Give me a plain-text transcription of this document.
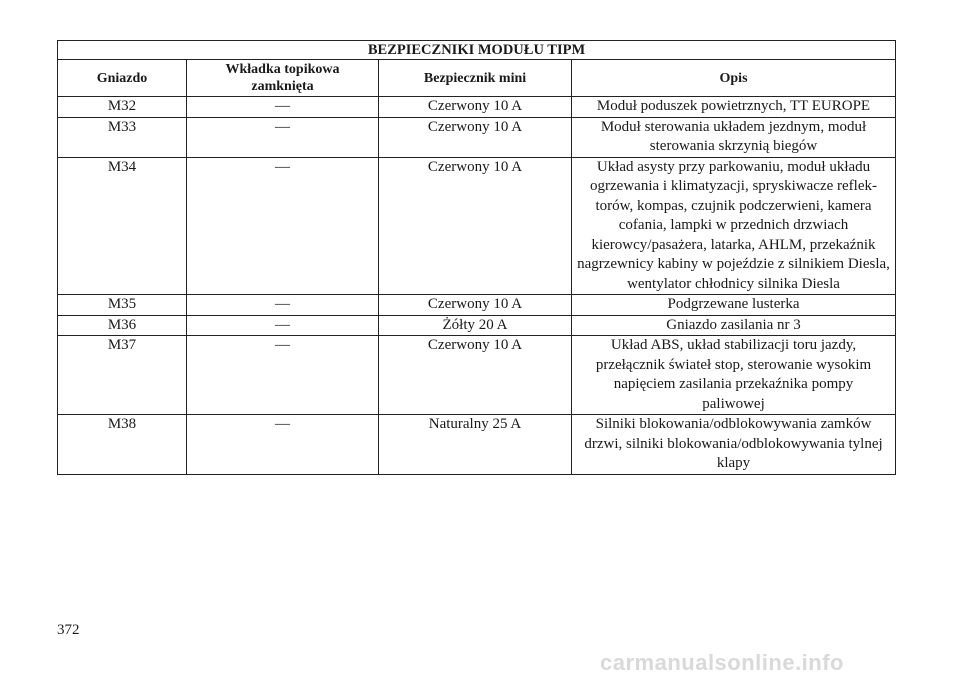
BEZPIECZNIKI MODUŁU TIPM			
Gniazdo	Wkładka topikowa zamknięta	Bezpiecznik mini	Opis
M32	—	Czerwony 10 A	Moduł poduszek powietrznych, TT EUROPE
M33	—	Czerwony 10 A	Moduł sterowania układem jezdnym, moduł sterowania skrzynią biegów
M34	—	Czerwony 10 A	Układ asysty przy parkowaniu, moduł układu ogrzewania i klimatyzacji, spryskiwacze reflek-torów, kompas, czujnik podczerwieni, kamera cofania, lampki w przednich drzwiach kierowcy/pasażera, latarka, AHLM, przekaźnik nagrzewnicy kabiny w pojeździe z silnikiem Diesla, wentylator chłodnicy silnika Diesla
M35	—	Czerwony 10 A	Podgrzewane lusterka
M36	—	Żółty 20 A	Gniazdo zasilania nr 3
M37	—	Czerwony 10 A	Układ ABS, układ stabilizacji toru jazdy, przełącznik świateł stop, sterowanie wysokim napięciem zasilania przekaźnika pompy paliwowej
M38	—	Naturalny 25 A	Silniki blokowania/odblokowywania zamków drzwi, silniki blokowania/odblokowywania tylnej klapy
372
carmanualsonline.info
